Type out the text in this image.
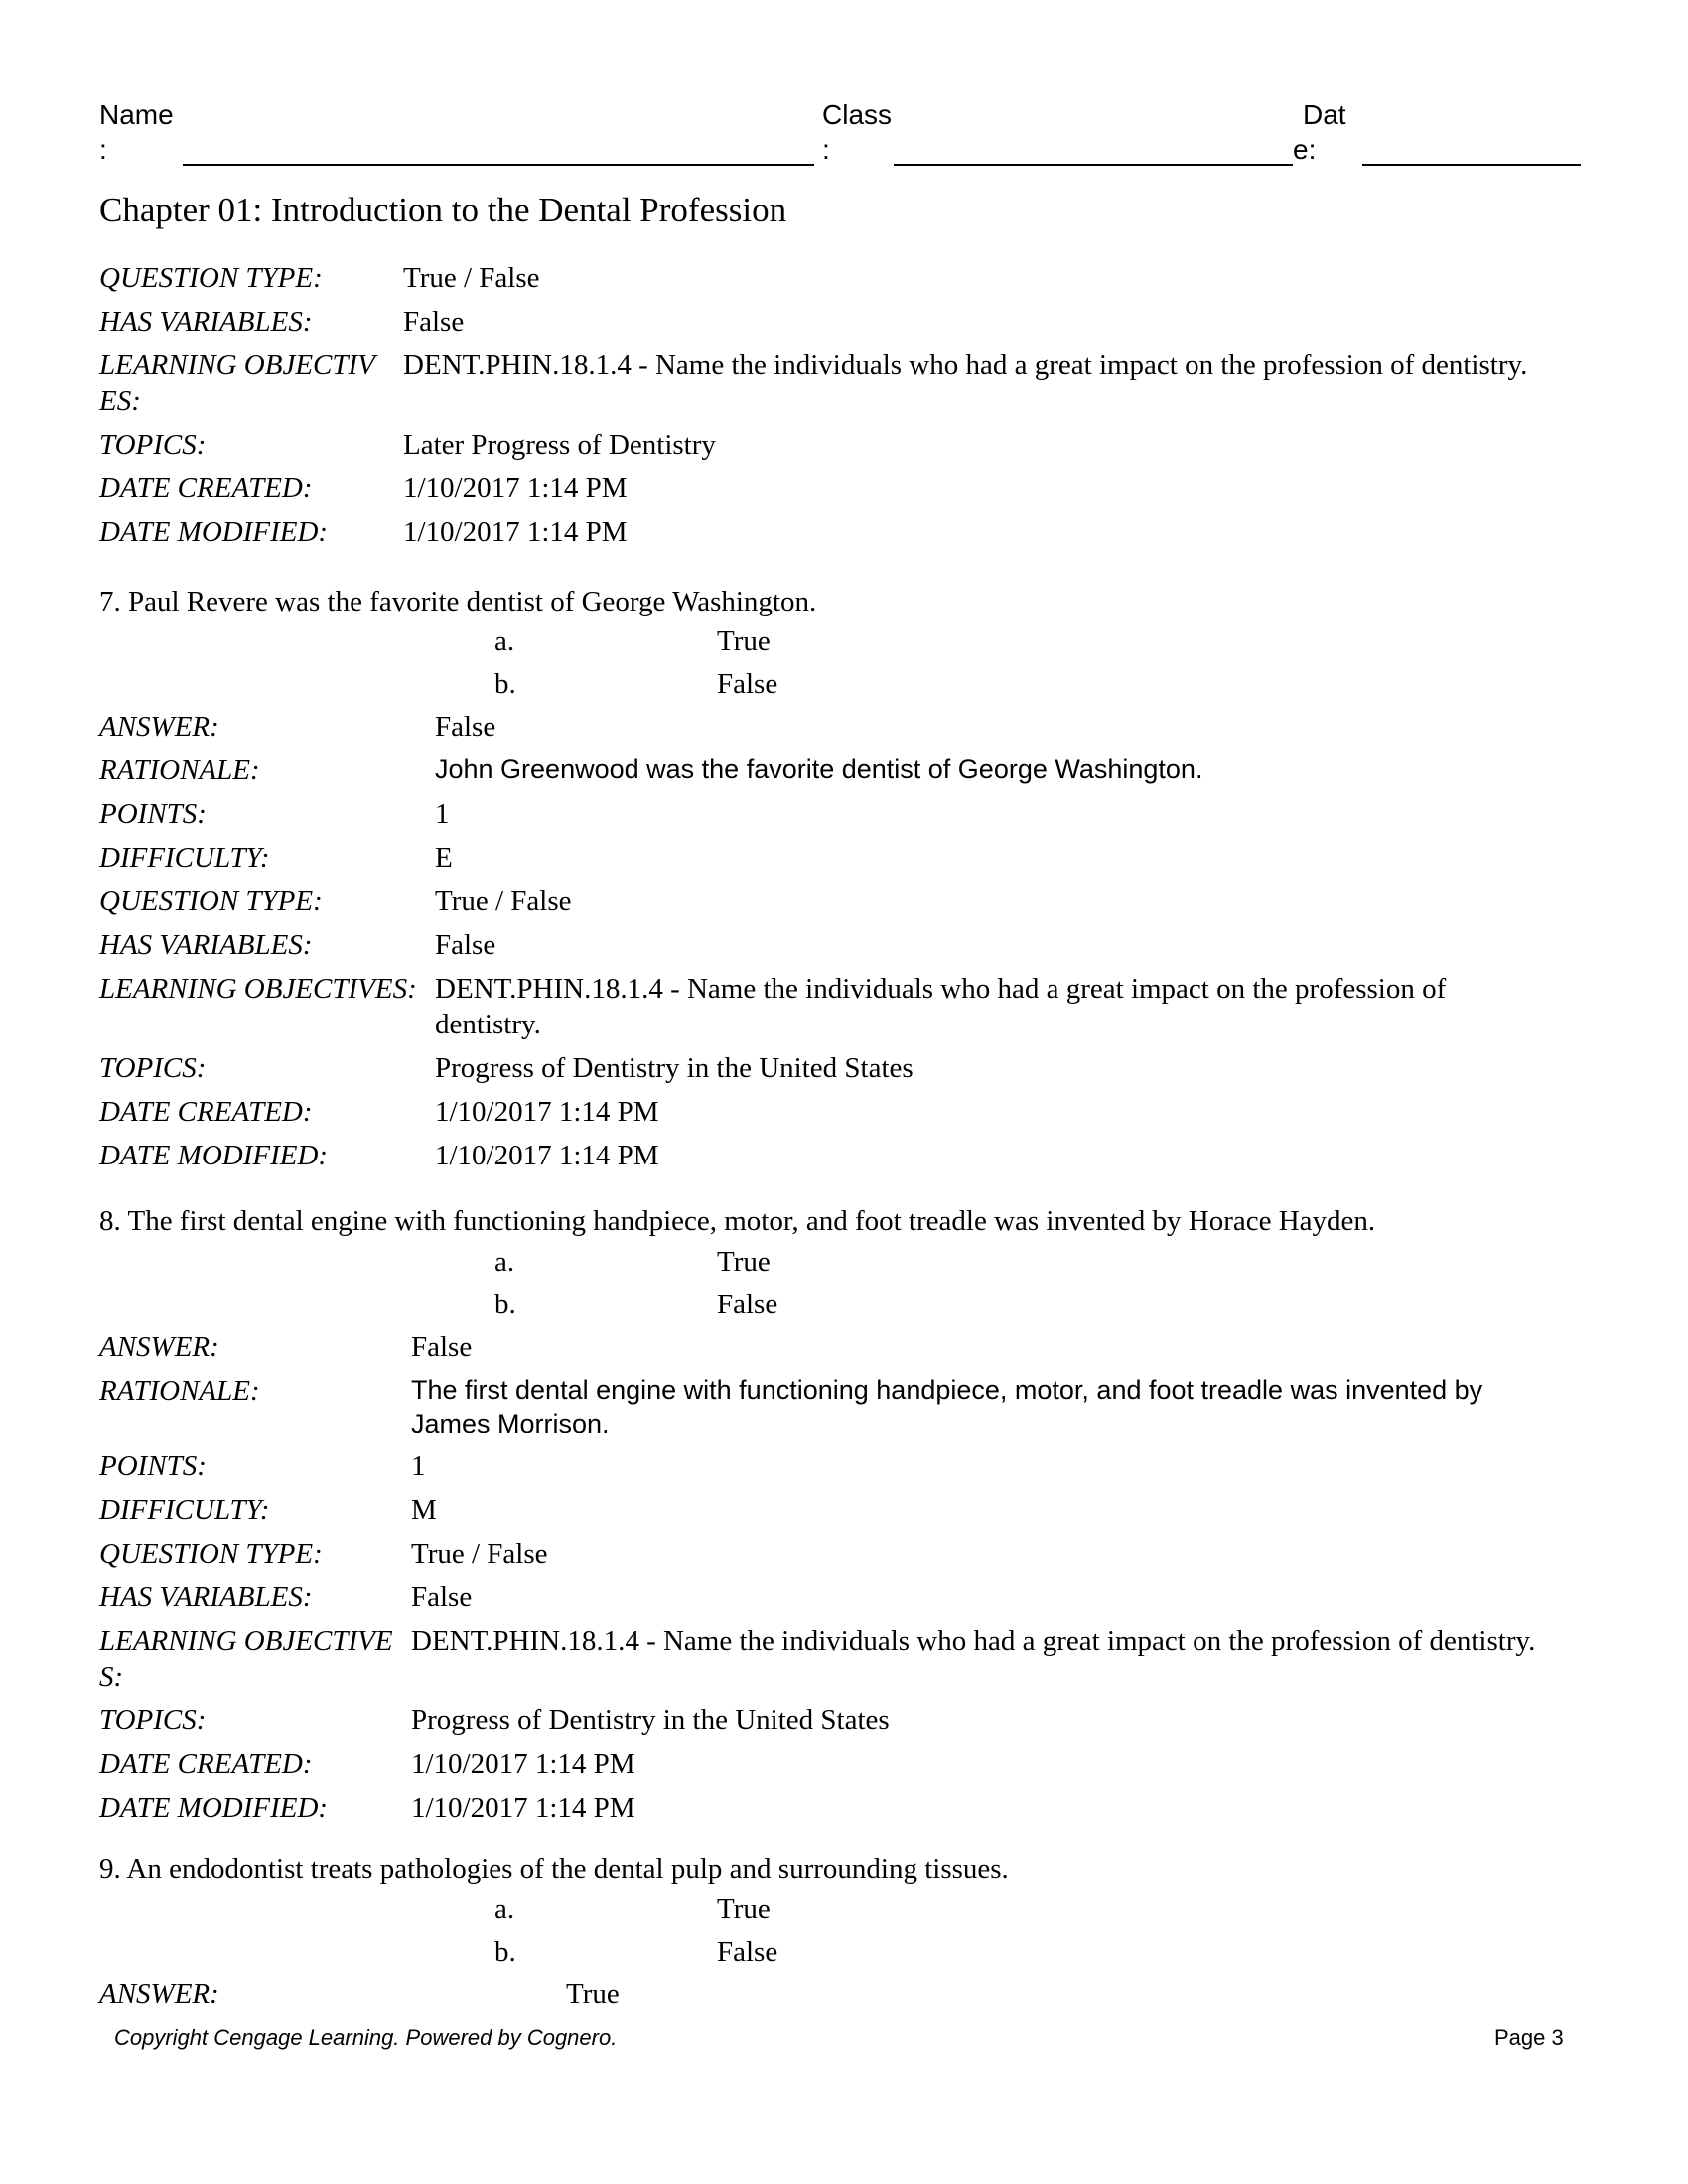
Name
:
Class
:
Dat
e:
Chapter 01: Introduction to the Dental Profession
QUESTION TYPE:	True / False
HAS VARIABLES:	False
LEARNING OBJECTIV ES:
DENT.PHIN.18.1.4 - Name the individuals who had a great impact on the profession of dentistry.
TOPICS:	Later Progress of Dentistry
DATE CREATED:	1/10/2017 1:14 PM
DATE MODIFIED:	1/10/2017 1:14 PM
7. Paul Revere was the favorite dentist of George Washington.
a.	True
b.	False
ANSWER:	False
RATIONALE:	John Greenwood was the favorite dentist of George Washington.
POINTS:	1
DIFFICULTY:	E
QUESTION TYPE:	True / False
HAS VARIABLES:	False
LEARNING OBJECTIVES: DENT.PHIN.18.1.4 - Name the individuals who had a great impact on the profession of dentistry.
TOPICS:	Progress of Dentistry in the United States
DATE CREATED:	1/10/2017 1:14 PM
DATE MODIFIED:	1/10/2017 1:14 PM
8. The first dental engine with functioning handpiece, motor, and foot treadle was invented by Horace Hayden.
a.	True
b.	False
ANSWER:	False
RATIONALE:	The first dental engine with functioning handpiece, motor, and foot treadle was invented by James Morrison.
POINTS:	1
DIFFICULTY:	M
QUESTION TYPE:	True / False
HAS VARIABLES:	False
LEARNING OBJECTIVE S:
DENT.PHIN.18.1.4 - Name the individuals who had a great impact on the profession of dentistry.
TOPICS:	Progress of Dentistry in the United States
DATE CREATED:	1/10/2017 1:14 PM
DATE MODIFIED:	1/10/2017 1:14 PM
9. An endodontist treats pathologies of the dental pulp and surrounding tissues.
a.	True
b.	False
ANSWER:	True
Copyright Cengage Learning. Powered by Cognero.	Page 3
